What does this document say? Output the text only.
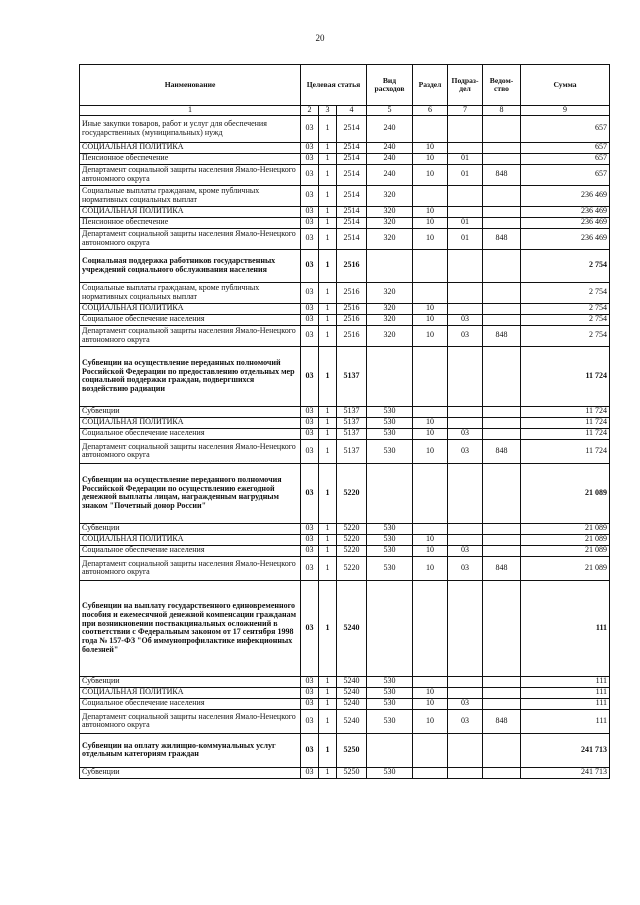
20
Наименование	Целевая статья			Вид расходов	Раздел	Подраз-дел	Ведом-ство	Сумма
1	2	3	4	5	6	7	8	9
Иные закупки товаров, работ и услуг для обеспечения государственных (муниципальных) нужд	03	1	2514	240				657
СОЦИАЛЬНАЯ ПОЛИТИКА	03	1	2514	240	10			657
Пенсионное обеспечение	03	1	2514	240	10	01		657
Департамент социальной защиты населения Ямало-Ненецкого автономного округа	03	1	2514	240	10	01	848	657
Социальные выплаты гражданам, кроме публичных нормативных социальных выплат	03	1	2514	320				236 469
СОЦИАЛЬНАЯ ПОЛИТИКА	03	1	2514	320	10			236 469
Пенсионное обеспечение	03	1	2514	320	10	01		236 469
Департамент социальной защиты населения Ямало-Ненецкого автономного округа	03	1	2514	320	10	01	848	236 469
Социальная поддержка работников государственных учреждений социального обслуживания населения	03	1	2516					2 754
Социальные выплаты гражданам, кроме публичных нормативных социальных выплат	03	1	2516	320				2 754
СОЦИАЛЬНАЯ ПОЛИТИКА	03	1	2516	320	10			2 754
Социальное обеспечение населения	03	1	2516	320	10	03		2 754
Департамент социальной защиты населения Ямало-Ненецкого автономного округа	03	1	2516	320	10	03	848	2 754
Субвенции на осуществление переданных полномочий Российской Федерации по предоставлению отдельных мер социальной поддержки граждан, подвергшихся воздействию радиации	03	1	5137					11 724
Субвенции	03	1	5137	530				11 724
СОЦИАЛЬНАЯ ПОЛИТИКА	03	1	5137	530	10			11 724
Социальное обеспечение населения	03	1	5137	530	10	03		11 724
Департамент социальной защиты населения Ямало-Ненецкого автономного округа	03	1	5137	530	10	03	848	11 724
Субвенции на осуществление переданного полномочия Российской Федерации по осуществлению ежегодной денежной выплаты лицам, награжденным нагрудным знаком "Почетный донор России"	03	1	5220					21 089
Субвенции	03	1	5220	530				21 089
СОЦИАЛЬНАЯ ПОЛИТИКА	03	1	5220	530	10			21 089
Социальное обеспечение населения	03	1	5220	530	10	03		21 089
Департамент социальной защиты населения Ямало-Ненецкого автономного округа	03	1	5220	530	10	03	848	21 089
Субвенции на выплату государственного единовременного пособия и ежемесячной денежной компенсации гражданам при возникновении поствакцинальных осложнений в соответствии с Федеральным законом от 17 сентября 1998 года № 157-ФЗ "Об иммунопрофилактике инфекционных болезней"	03	1	5240					111
Субвенции	03	1	5240	530				111
СОЦИАЛЬНАЯ ПОЛИТИКА	03	1	5240	530	10			111
Социальное обеспечение населения	03	1	5240	530	10	03		111
Департамент социальной защиты населения Ямало-Ненецкого автономного округа	03	1	5240	530	10	03	848	111
Субвенции на оплату жилищно-коммунальных услуг отдельным категориям граждан	03	1	5250					241 713
Субвенции	03	1	5250	530				241 713
